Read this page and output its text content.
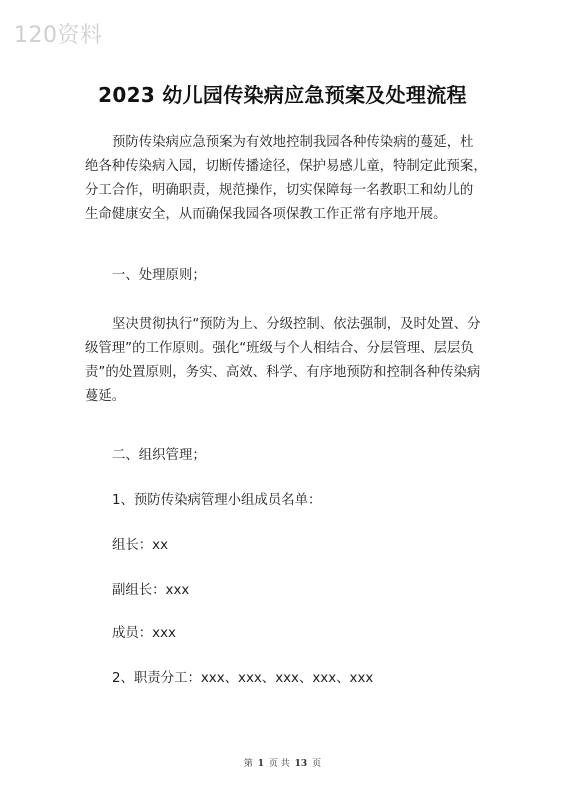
120资料
2023 幼儿园传染病应急预案及处理流程
预防传染病应急预案为有效地控制我园各种传染病的蔓延，杜
绝各种传染病入园，切断传播途径，保护易感儿童，特制定此预案，
分工合作，明确职责，规范操作，切实保障每一名教职工和幼儿的
生命健康安全，从而确保我园各项保教工作正常有序地开展。
一、处理原则；
坚决贯彻执行“预防为上、分级控制、依法强制，及时处置、分
级管理”的工作原则。强化“班级与个人相结合、分层管理、层层负
责”的处置原则，务实、高效、科学、有序地预防和控制各种传染病
蔓延。
二、组织管理；
1、预防传染病管理小组成员名单：
组长：xx
副组长：xxx
成员：xxx
2、职责分工：xxx、xxx、xxx、xxx、xxx
第 1 页 共 13 页
